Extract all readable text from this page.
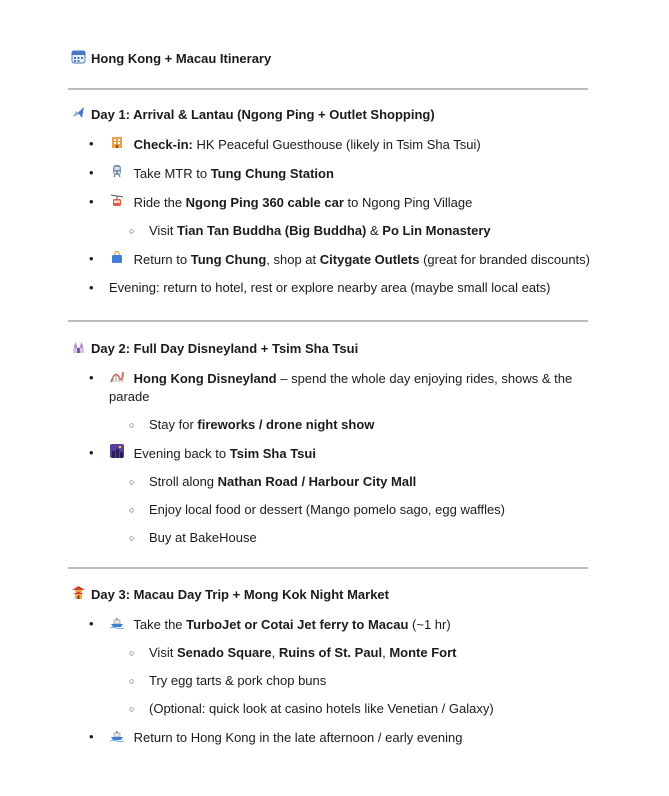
Hong Kong + Macau Itinerary
Day 1: Arrival & Lantau (Ngong Ping + Outlet Shopping)
• Check-in: HK Peaceful Guesthouse (likely in Tsim Sha Tsui)
• Take MTR to Tung Chung Station
• Ride the Ngong Ping 360 cable car to Ngong Ping Village
○ Visit Tian Tan Buddha (Big Buddha) & Po Lin Monastery
• Return to Tung Chung, shop at Citygate Outlets (great for branded discounts)
• Evening: return to hotel, rest or explore nearby area (maybe small local eats)
Day 2: Full Day Disneyland + Tsim Sha Tsui
• Hong Kong Disneyland – spend the whole day enjoying rides, shows & the parade
○ Stay for fireworks / drone night show
• Evening back to Tsim Sha Tsui
○ Stroll along Nathan Road / Harbour City Mall
○ Enjoy local food or dessert (Mango pomelo sago, egg waffles)
○ Buy at BakeHouse
Day 3: Macau Day Trip + Mong Kok Night Market
• Take the TurboJet or Cotai Jet ferry to Macau (~1 hr)
○ Visit Senado Square, Ruins of St. Paul, Monte Fort
○ Try egg tarts & pork chop buns
○ (Optional: quick look at casino hotels like Venetian / Galaxy)
• Return to Hong Kong in the late afternoon / early evening
